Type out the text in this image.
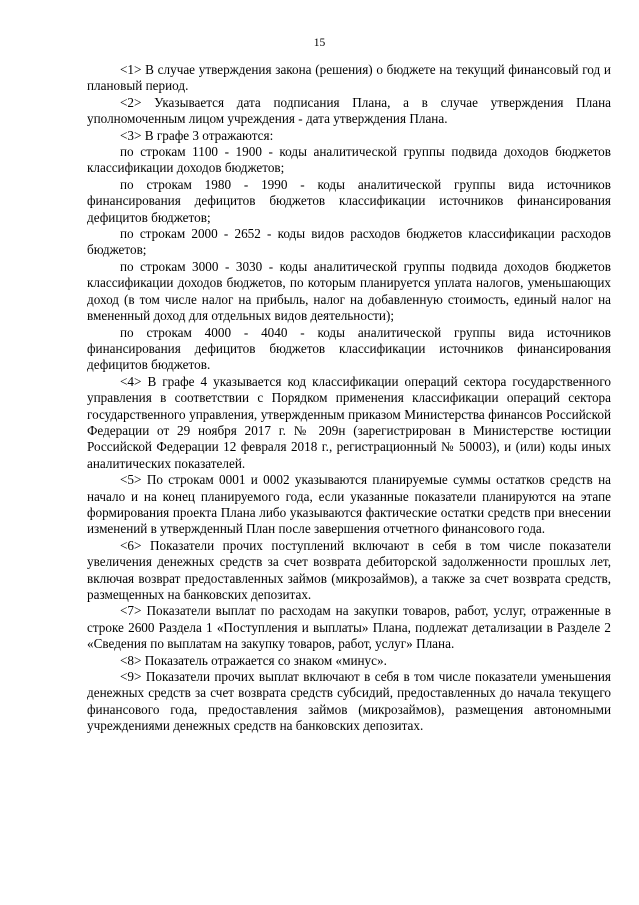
15

<1> В случае утверждения закона (решения) о бюджете на текущий финансовый год и плановый период.

<2> Указывается дата подписания Плана, а в случае утверждения Плана уполномоченным лицом учреждения - дата утверждения Плана.

<3> В графе 3 отражаются:

по строкам 1100 - 1900 - коды аналитической группы подвида доходов бюджетов классификации доходов бюджетов;

по строкам 1980 - 1990 - коды аналитической группы вида источников финансирования дефицитов бюджетов классификации источников финансирования дефицитов бюджетов;

по строкам 2000 - 2652 - коды видов расходов бюджетов классификации расходов бюджетов;

по строкам 3000 - 3030 - коды аналитической группы подвида доходов бюджетов классификации доходов бюджетов, по которым планируется уплата налогов, уменьшающих доход (в том числе налог на прибыль, налог на добавленную стоимость, единый налог на вмененный доход для отдельных видов деятельности);

по строкам 4000 - 4040 - коды аналитической группы вида источников финансирования дефицитов бюджетов классификации источников финансирования дефицитов бюджетов.

<4> В графе 4 указывается код классификации операций сектора государственного управления в соответствии с Порядком применения классификации операций сектора государственного управления, утвержденным приказом Министерства финансов Российской Федерации от 29 ноября 2017 г. № 209н (зарегистрирован в Министерстве юстиции Российской Федерации 12 февраля 2018 г., регистрационный № 50003), и (или) коды иных аналитических показателей.

<5> По строкам 0001 и 0002 указываются планируемые суммы остатков средств на начало и на конец планируемого года, если указанные показатели планируются на этапе формирования проекта Плана либо указываются фактические остатки средств при внесении изменений в утвержденный План после завершения отчетного финансового года.

<6> Показатели прочих поступлений включают в себя в том числе показатели увеличения денежных средств за счет возврата дебиторской задолженности прошлых лет, включая возврат предоставленных займов (микрозаймов), а также за счет возврата средств, размещенных на банковских депозитах.

<7> Показатели выплат по расходам на закупки товаров, работ, услуг, отраженные в строке 2600 Раздела 1 «Поступления и выплаты» Плана, подлежат детализации в Разделе 2 «Сведения по выплатам на закупку товаров, работ, услуг» Плана.

<8> Показатель отражается со знаком «минус».

<9> Показатели прочих выплат включают в себя в том числе показатели уменьшения денежных средств за счет возврата средств субсидий, предоставленных до начала текущего финансового года, предоставления займов (микрозаймов), размещения автономными учреждениями денежных средств на банковских депозитах.
